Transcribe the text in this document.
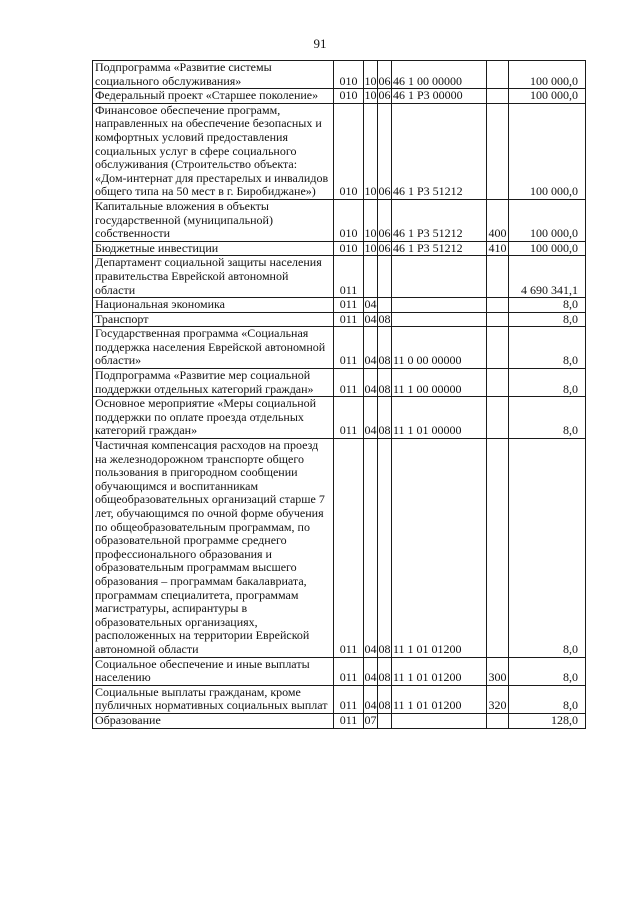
91
Подпрограмма «Развитие системы социального обслуживания»	010	10	06	46 1 00 00000		100 000,0
Федеральный проект «Старшее поколение»	010	10	06	46 1 P3 00000		100 000,0
Финансовое обеспечение программ, направленных на обеспечение безопасных и комфортных условий предоставления социальных услуг в сфере социального обслуживания (Строительство объекта: «Дом-интернат для престарелых и инвалидов общего типа на 50 мест в г. Биробиджане»)	010	10	06	46 1 P3 51212		100 000,0
Капитальные вложения в объекты государственной (муниципальной) собственности	010	10	06	46 1 P3 51212	400	100 000,0
Бюджетные инвестиции	010	10	06	46 1 P3 51212	410	100 000,0
Департамент социальной защиты населения правительства Еврейской автономной области	011					4 690 341,1
Национальная экономика	011	04				8,0
Транспорт	011	04	08			8,0
Государственная программа «Социальная поддержка населения Еврейской автономной области»	011	04	08	11 0 00 00000		8,0
Подпрограмма «Развитие мер социальной поддержки отдельных категорий граждан»	011	04	08	11 1 00 00000		8,0
Основное мероприятие «Меры социальной поддержки по оплате проезда отдельных категорий граждан»	011	04	08	11 1 01 00000		8,0
Частичная компенсация расходов на проезд на железнодорожном транспорте общего пользования в пригородном сообщении обучающимся и воспитанникам общеобразовательных организаций старше 7 лет, обучающимся по очной форме обучения по общеобразовательным программам, по образовательной программе среднего профессионального образования и образовательным программам высшего образования – программам бакалавриата, программам специалитета, программам магистратуры, аспирантуры в образовательных организациях, расположенных на территории Еврейской автономной области	011	04	08	11 1 01 01200		8,0
Социальное обеспечение и иные выплаты населению	011	04	08	11 1 01 01200	300	8,0
Социальные выплаты гражданам, кроме публичных нормативных социальных выплат	011	04	08	11 1 01 01200	320	8,0
Образование	011	07				128,0
